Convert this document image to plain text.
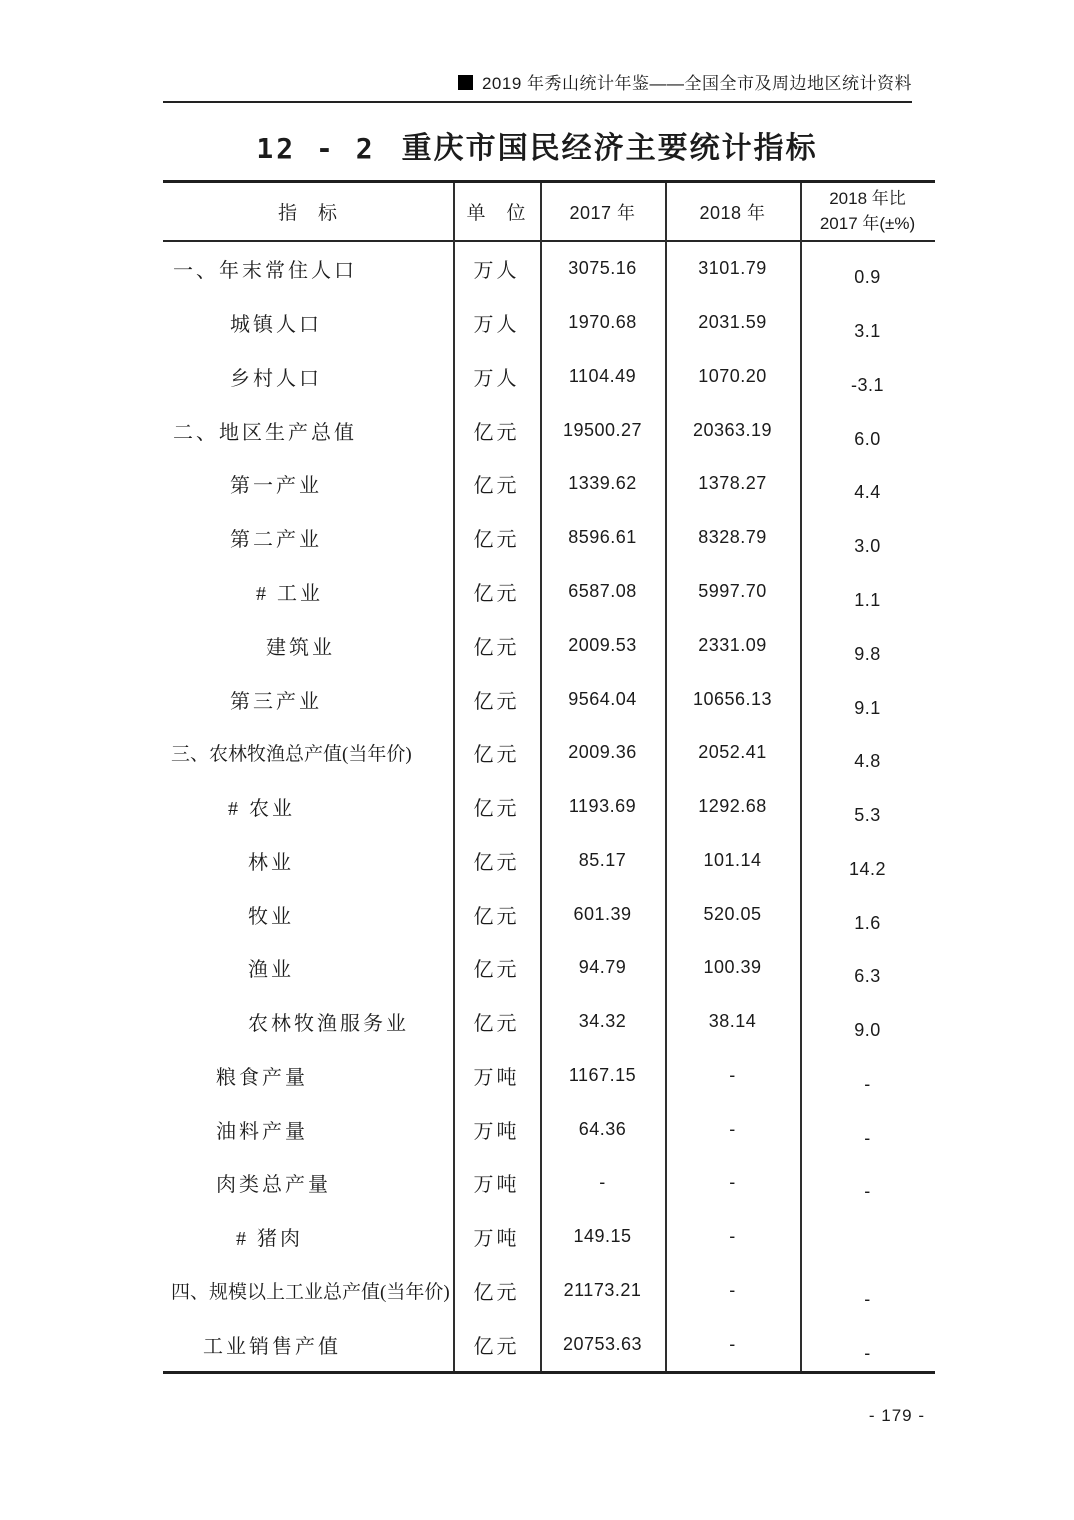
2019 年秀山统计年鉴——全国全市及周边地区统计资料
12 - 2 重庆市国民经济主要统计指标
指　标	单　位	2017 年	2018 年
2018 年比
2017 年(±%)
一、年末常住人口	万人	3075.16	3101.79	0.9
城镇人口	万人	1970.68	2031.59	3.1
乡村人口	万人	1104.49	1070.20	-3.1
二、地区生产总值	亿元	19500.27	20363.19	6.0
第一产业	亿元	1339.62	1378.27	4.4
第二产业	亿元	8596.61	8328.79	3.0
# 工业	亿元	6587.08	5997.70	1.1
建筑业	亿元	2009.53	2331.09	9.8
第三产业	亿元	9564.04	10656.13	9.1
三、农林牧渔总产值(当年价)	亿元	2009.36	2052.41	4.8
# 农业	亿元	1193.69	1292.68	5.3
林业	亿元	85.17	101.14	14.2
牧业	亿元	601.39	520.05	1.6
渔业	亿元	94.79	100.39	6.3
农林牧渔服务业	亿元	34.32	38.14	9.0
粮食产量	万吨	1167.15	-	-
油料产量	万吨	64.36	-	-
肉类总产量	万吨	-	-	-
# 猪肉	万吨	149.15	-
四、规模以上工业总产值(当年价)	亿元	21173.21	-	-
工业销售产值	亿元	20753.63	-	-
- 179 -
